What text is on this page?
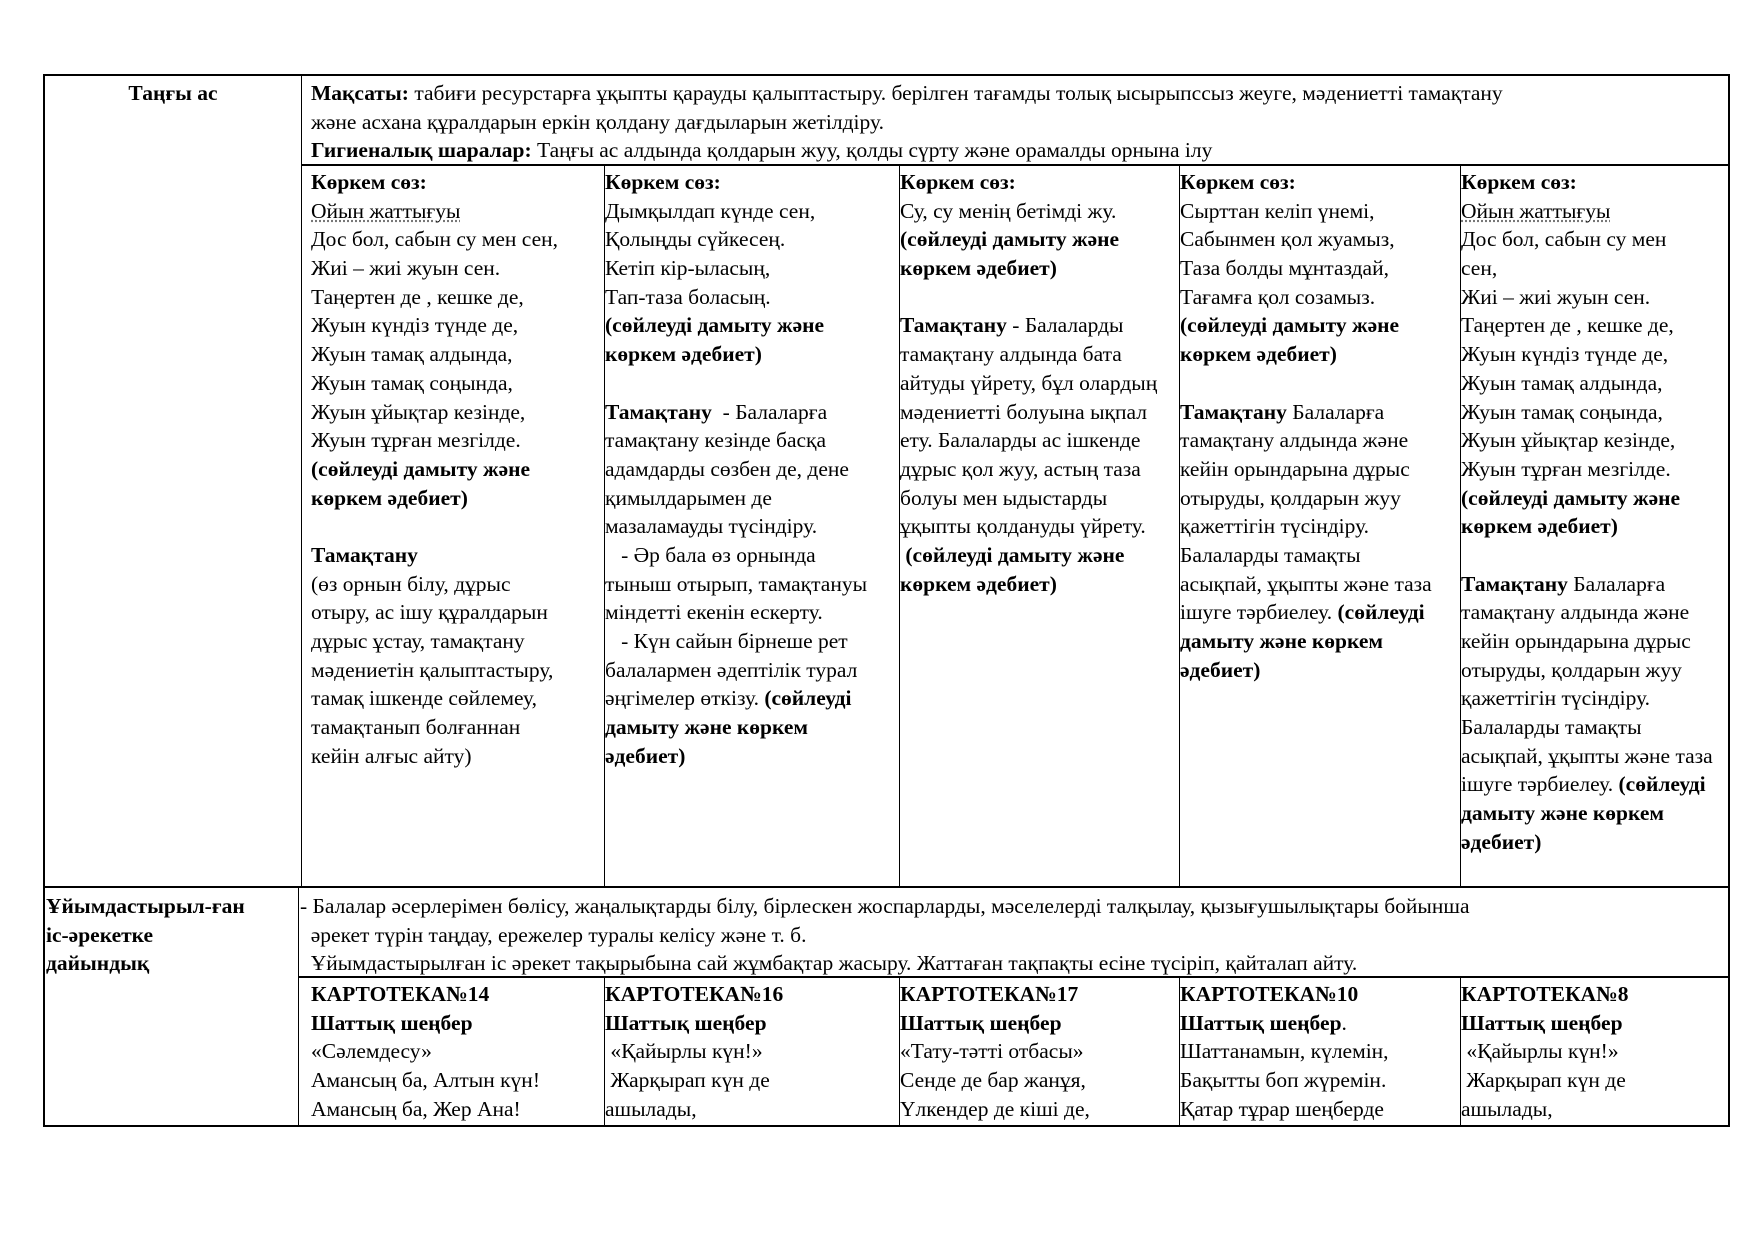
Таңғы ас	Мақсаты: табиғи ресурстарға ұқыпты қарауды қалыптастыру. берілген тағамды толық ысырыпссыз жеуге, мәдениетті тамақтану
және асхана құралдарын еркін қолдану дағдыларын жетілдіру.
Гигиеналық шаралар: Таңғы ас алдында қолдарын жуу, қолды сүрту және орамалды орнына ілу
Көркем сөз:
Ойын жаттығуы
Дос бол, сабын су мен сен,
Жиі – жиі жуын сен.
Таңертен де , кешке де,
Жуын күндіз түнде де,
Жуын тамақ алдында,
Жуын тамақ соңында,
Жуын ұйықтар кезінде,
Жуын тұрған мезгілде.
(сөйлеуді дамыту және
көркем әдебиет)
Тамақтану
(өз орнын білу, дұрыс
отыру, ас ішу құралдарын
дұрыс ұстау, тамақтану
мәдениетін қалыптастыру,
тамақ ішкенде сөйлемеу,
тамақтанып болғаннан
кейін алғыс айту)
Көркем сөз:
Дымқылдап күнде сен,
Қолыңды сүйкесең.
Кетіп кір-ыласың,
Тап-таза боласың.
(сөйлеуді дамыту және
көркем әдебиет)
Тамақтану  - Балаларға
тамақтану кезінде басқа
адамдарды сөзбен де, дене
қимылдарымен де
мазаламауды түсіндіру.
- Әр бала өз орнында
тыныш отырып, тамақтануы
міндетті екенін ескерту.
- Күн сайын бірнеше рет
балалармен әдептілік турал
әңгімелер өткізу. (сөйлеуді
дамыту және көркем
әдебиет)
Көркем сөз:
Су, су менің бетімді жу.
(сөйлеуді дамыту және
көркем әдебиет)
Тамақтану - Балаларды
тамақтану алдында бата
айтуды үйрету, бұл олардың
мәдениетті болуына ықпал
ету. Балаларды ас ішкенде
дұрыс қол жуу, астың таза
болуы мен ыдыстарды
ұқыпты қолдануды үйрету.
(сөйлеуді дамыту және
көркем әдебиет)
Көркем сөз:
Сырттан келіп үнемі,
Сабынмен қол жуамыз,
Таза болды мұнтаздай,
Тағамға қол созамыз.
(сөйлеуді дамыту және
көркем әдебиет)
Тамақтану Балаларға
тамақтану алдында және
кейін орындарына дұрыс
отыруды, қолдарын жуу
қажеттігін түсіндіру.
Балаларды тамақты
асықпай, ұқыпты және таза
ішуге тәрбиелеу. (сөйлеуді
дамыту және көркем
әдебиет)
Көркем сөз:
Ойын жаттығуы
Дос бол, сабын су мен
сен,
Жиі – жиі жуын сен.
Таңертен де , кешке де,
Жуын күндіз түнде де,
Жуын тамақ алдында,
Жуын тамақ соңында,
Жуын ұйықтар кезінде,
Жуын тұрған мезгілде.
(сөйлеуді дамыту және
көркем әдебиет)
Тамақтану Балаларға
тамақтану алдында және
кейін орындарына дұрыс
отыруды, қолдарын жуу
қажеттігін түсіндіру.
Балаларды тамақты
асықпай, ұқыпты және таза
ішуге тәрбиелеу. (сөйлеуді
дамыту және көркем
әдебиет)
Ұйымдастырыл-ған
іс-әрекетке
дайындық
- Балалар әсерлерімен бөлісу, жаңалықтарды білу, бірлескен жоспарларды, мәселелерді талқылау, қызығушылықтары бойынша
әрекет түрін таңдау, ережелер туралы келісу және т. б.
Ұйымдастырылған іс әрекет тақырыбына сай жұмбақтар жасыру. Жаттаған тақпақты есіне түсіріп, қайталап айту.
КАРТОТЕКА№14
Шаттық шеңбер
«Сәлемдесу»
Амансың ба, Алтын күн!
Амансың ба, Жер Ана!
КАРТОТЕКА№16
Шаттық шеңбер
«Қайырлы күн!»
Жарқырап күн де
ашылады,
КАРТОТЕКА№17
Шаттық шеңбер
«Тату-тәтті отбасы»
Сенде де бар жанұя,
Үлкендер де кіші де,
КАРТОТЕКА№10
Шаттық шеңбер.
Шаттанамын, күлемін,
Бақытты боп жүремін.
Қатар тұрар шеңберде
КАРТОТЕКА№8
Шаттық шеңбер
«Қайырлы күн!»
Жарқырап күн де
ашылады,
